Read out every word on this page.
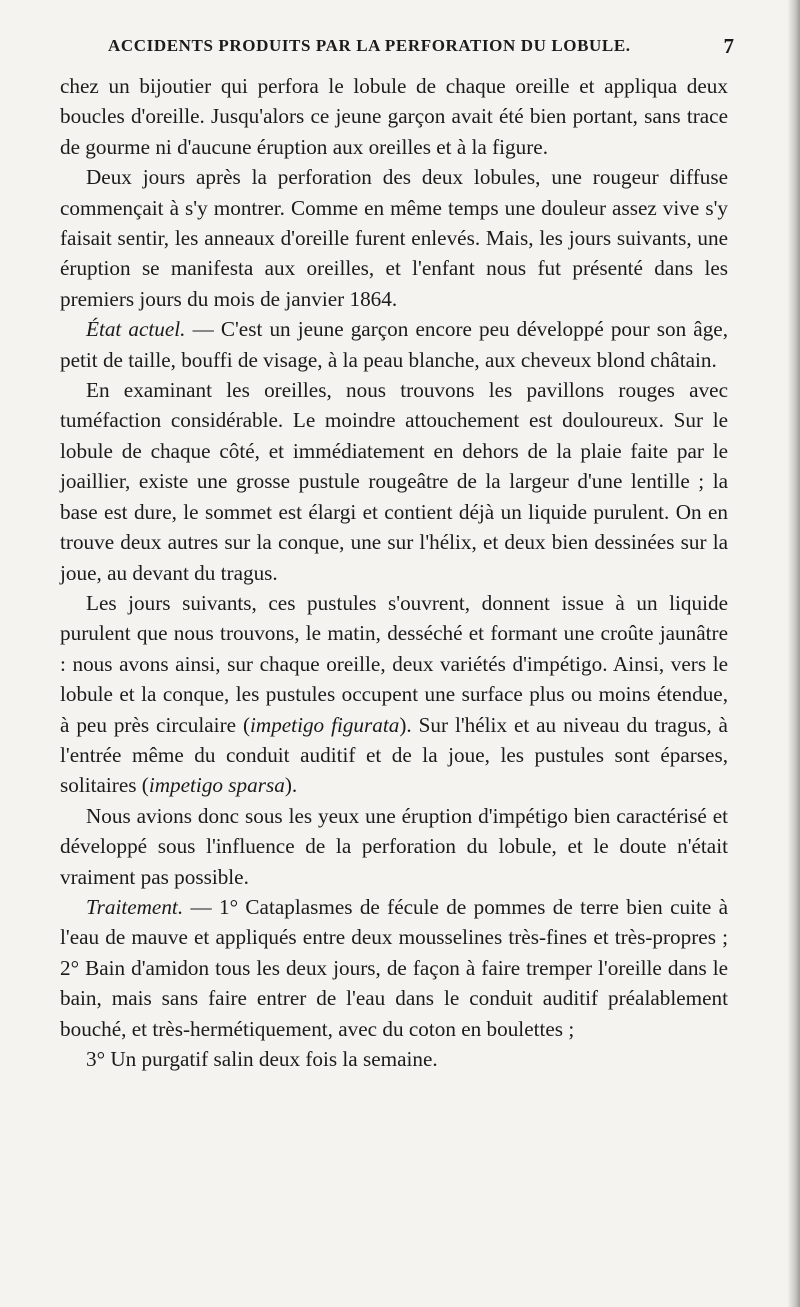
ACCIDENTS PRODUITS PAR LA PERFORATION DU LOBULE.	7

chez un bijoutier qui perfora le lobule de chaque oreille et appliqua deux boucles d'oreille. Jusqu'alors ce jeune garçon avait été bien portant, sans trace de gourme ni d'aucune éruption aux oreilles et à la figure.

Deux jours après la perforation des deux lobules, une rougeur diffuse commençait à s'y montrer. Comme en même temps une douleur assez vive s'y faisait sentir, les anneaux d'oreille furent enlevés. Mais, les jours suivants, une éruption se manifesta aux oreilles, et l'enfant nous fut présenté dans les premiers jours du mois de janvier 1864.

État actuel. — C'est un jeune garçon encore peu développé pour son âge, petit de taille, bouffi de visage, à la peau blanche, aux cheveux blond châtain.

En examinant les oreilles, nous trouvons les pavillons rouges avec tuméfaction considérable. Le moindre attouchement est douloureux. Sur le lobule de chaque côté, et immédiatement en dehors de la plaie faite par le joaillier, existe une grosse pustule rougeâtre de la largeur d'une lentille ; la base est dure, le sommet est élargi et contient déjà un liquide purulent. On en trouve deux autres sur la conque, une sur l'hélix, et deux bien dessinées sur la joue, au devant du tragus.

Les jours suivants, ces pustules s'ouvrent, donnent issue à un liquide purulent que nous trouvons, le matin, desséché et formant une croûte jaunâtre : nous avons ainsi, sur chaque oreille, deux variétés d'impétigo. Ainsi, vers le lobule et la conque, les pustules occupent une surface plus ou moins étendue, à peu près circulaire (impetigo figurata). Sur l'hélix et au niveau du tragus, à l'entrée même du conduit auditif et de la joue, les pustules sont éparses, solitaires (impetigo sparsa).

Nous avions donc sous les yeux une éruption d'impétigo bien caractérisé et développé sous l'influence de la perforation du lobule, et le doute n'était vraiment pas possible.

Traitement. — 1° Cataplasmes de fécule de pommes de terre bien cuite à l'eau de mauve et appliqués entre deux mousselines très-fines et très-propres ; 2° Bain d'amidon tous les deux jours, de façon à faire tremper l'oreille dans le bain, mais sans faire entrer de l'eau dans le conduit auditif préalablement bouché, et très-hermétiquement, avec du coton en boulettes ;

3° Un purgatif salin deux fois la semaine.
